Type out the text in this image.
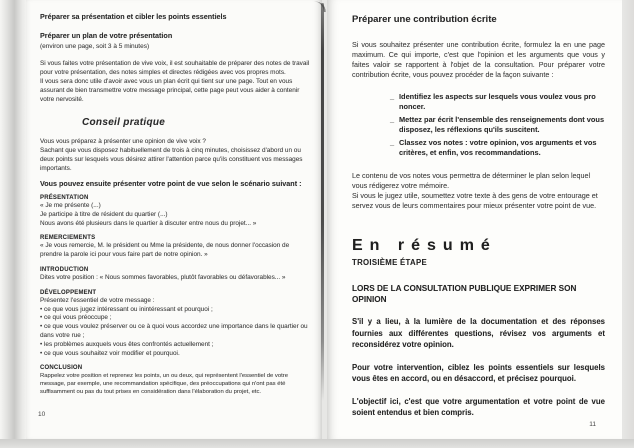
Préparer sa présentation et cibler les points essentiels
Préparer un plan de votre présentation
(environ une page, soit 3 à 5 minutes)
Si vous faites votre présentation de vive voix, il est souhaitable de préparer des notes de travail pour votre présentation, des notes simples et directes rédigées avec vos propres mots.
Il vous sera donc utile d'avoir avec vous un plan écrit qui tient sur une page. Tout en vous assurant de bien transmettre votre message principal, cette page peut vous aider à contenir votre nervosité.
Conseil pratique
Vous vous préparez à présenter une opinion de vive voix ?
Sachant que vous disposez habituellement de trois à cinq minutes, choisissez d'abord un ou deux points sur lesquels vous désirez attirer l'attention parce qu'ils constituent vos messages importants.
Vous pouvez ensuite présenter votre point de vue selon le scénario suivant :
PRÉSENTATION
« Je me présente (...)
Je participe à titre de résident du quartier (...)
Nous avons été plusieurs dans le quartier à discuter entre nous du projet... »
REMERCIEMENTS
« Je vous remercie, M. le président ou Mme la présidente, de nous donner l'occasion de prendre la parole ici pour vous faire part de notre opinion. »
INTRODUCTION
Dites votre position : « Nous sommes favorables, plutôt favorables ou défavorables... »
DÉVELOPPEMENT
Présentez l'essentiel de votre message :
• ce que vous jugez intéressant ou inintéressant et pourquoi ;
• ce qui vous préoccupe ;
• ce que vous voulez préserver ou ce à quoi vous accordez une importance dans le quartier ou dans votre rue ;
• les problèmes auxquels vous êtes confrontés actuellement ;
• ce que vous souhaitez voir modifier et pourquoi.
CONCLUSION
Rappelez votre position et reprenez les points, un ou deux, qui représentent l'essentiel de votre message, par exemple, une recommandation spécifique, des préoccupations qui n'ont pas été suffisamment ou pas du tout prises en considération dans l'élaboration du projet, etc.
10
Préparer une contribution écrite
Si vous souhaitez présenter une contribution écrite, formulez la en une page maximum. Ce qui importe, c'est que l'opinion et les arguments que vous y faites valoir se rapportent à l'objet de la consultation. Pour préparer votre contribution écrite, vous pouvez procéder de la façon suivante :
_ Identifiez les aspects sur lesquels vous voulez vous pro noncer.
_ Mettez par écrit l'ensemble des renseignements dont vous disposez, les réflexions qu'ils suscitent.
_ Classez vos notes : votre opinion, vos arguments et vos critères, et enfin, vos recommandations.
Le contenu de vos notes vous permettra de déterminer le plan selon lequel vous rédigerez votre mémoire.
Si vous le jugez utile, soumettez votre texte à des gens de votre entourage et servez vous de leurs commentaires pour mieux présenter votre point de vue.
En résumé
TROISIÈME ÉTAPE
LORS DE LA CONSULTATION PUBLIQUE EXPRIMER SON OPINION
S'il y a lieu, à la lumière de la documentation et des réponses fournies aux différentes questions, révisez vos arguments et reconsidérez votre opinion.
Pour votre intervention, ciblez les points essentiels sur lesquels vous êtes en accord, ou en désaccord, et précisez pourquoi.
L'objectif ici, c'est que votre argumentation et votre point de vue soient entendus et bien compris.
11
